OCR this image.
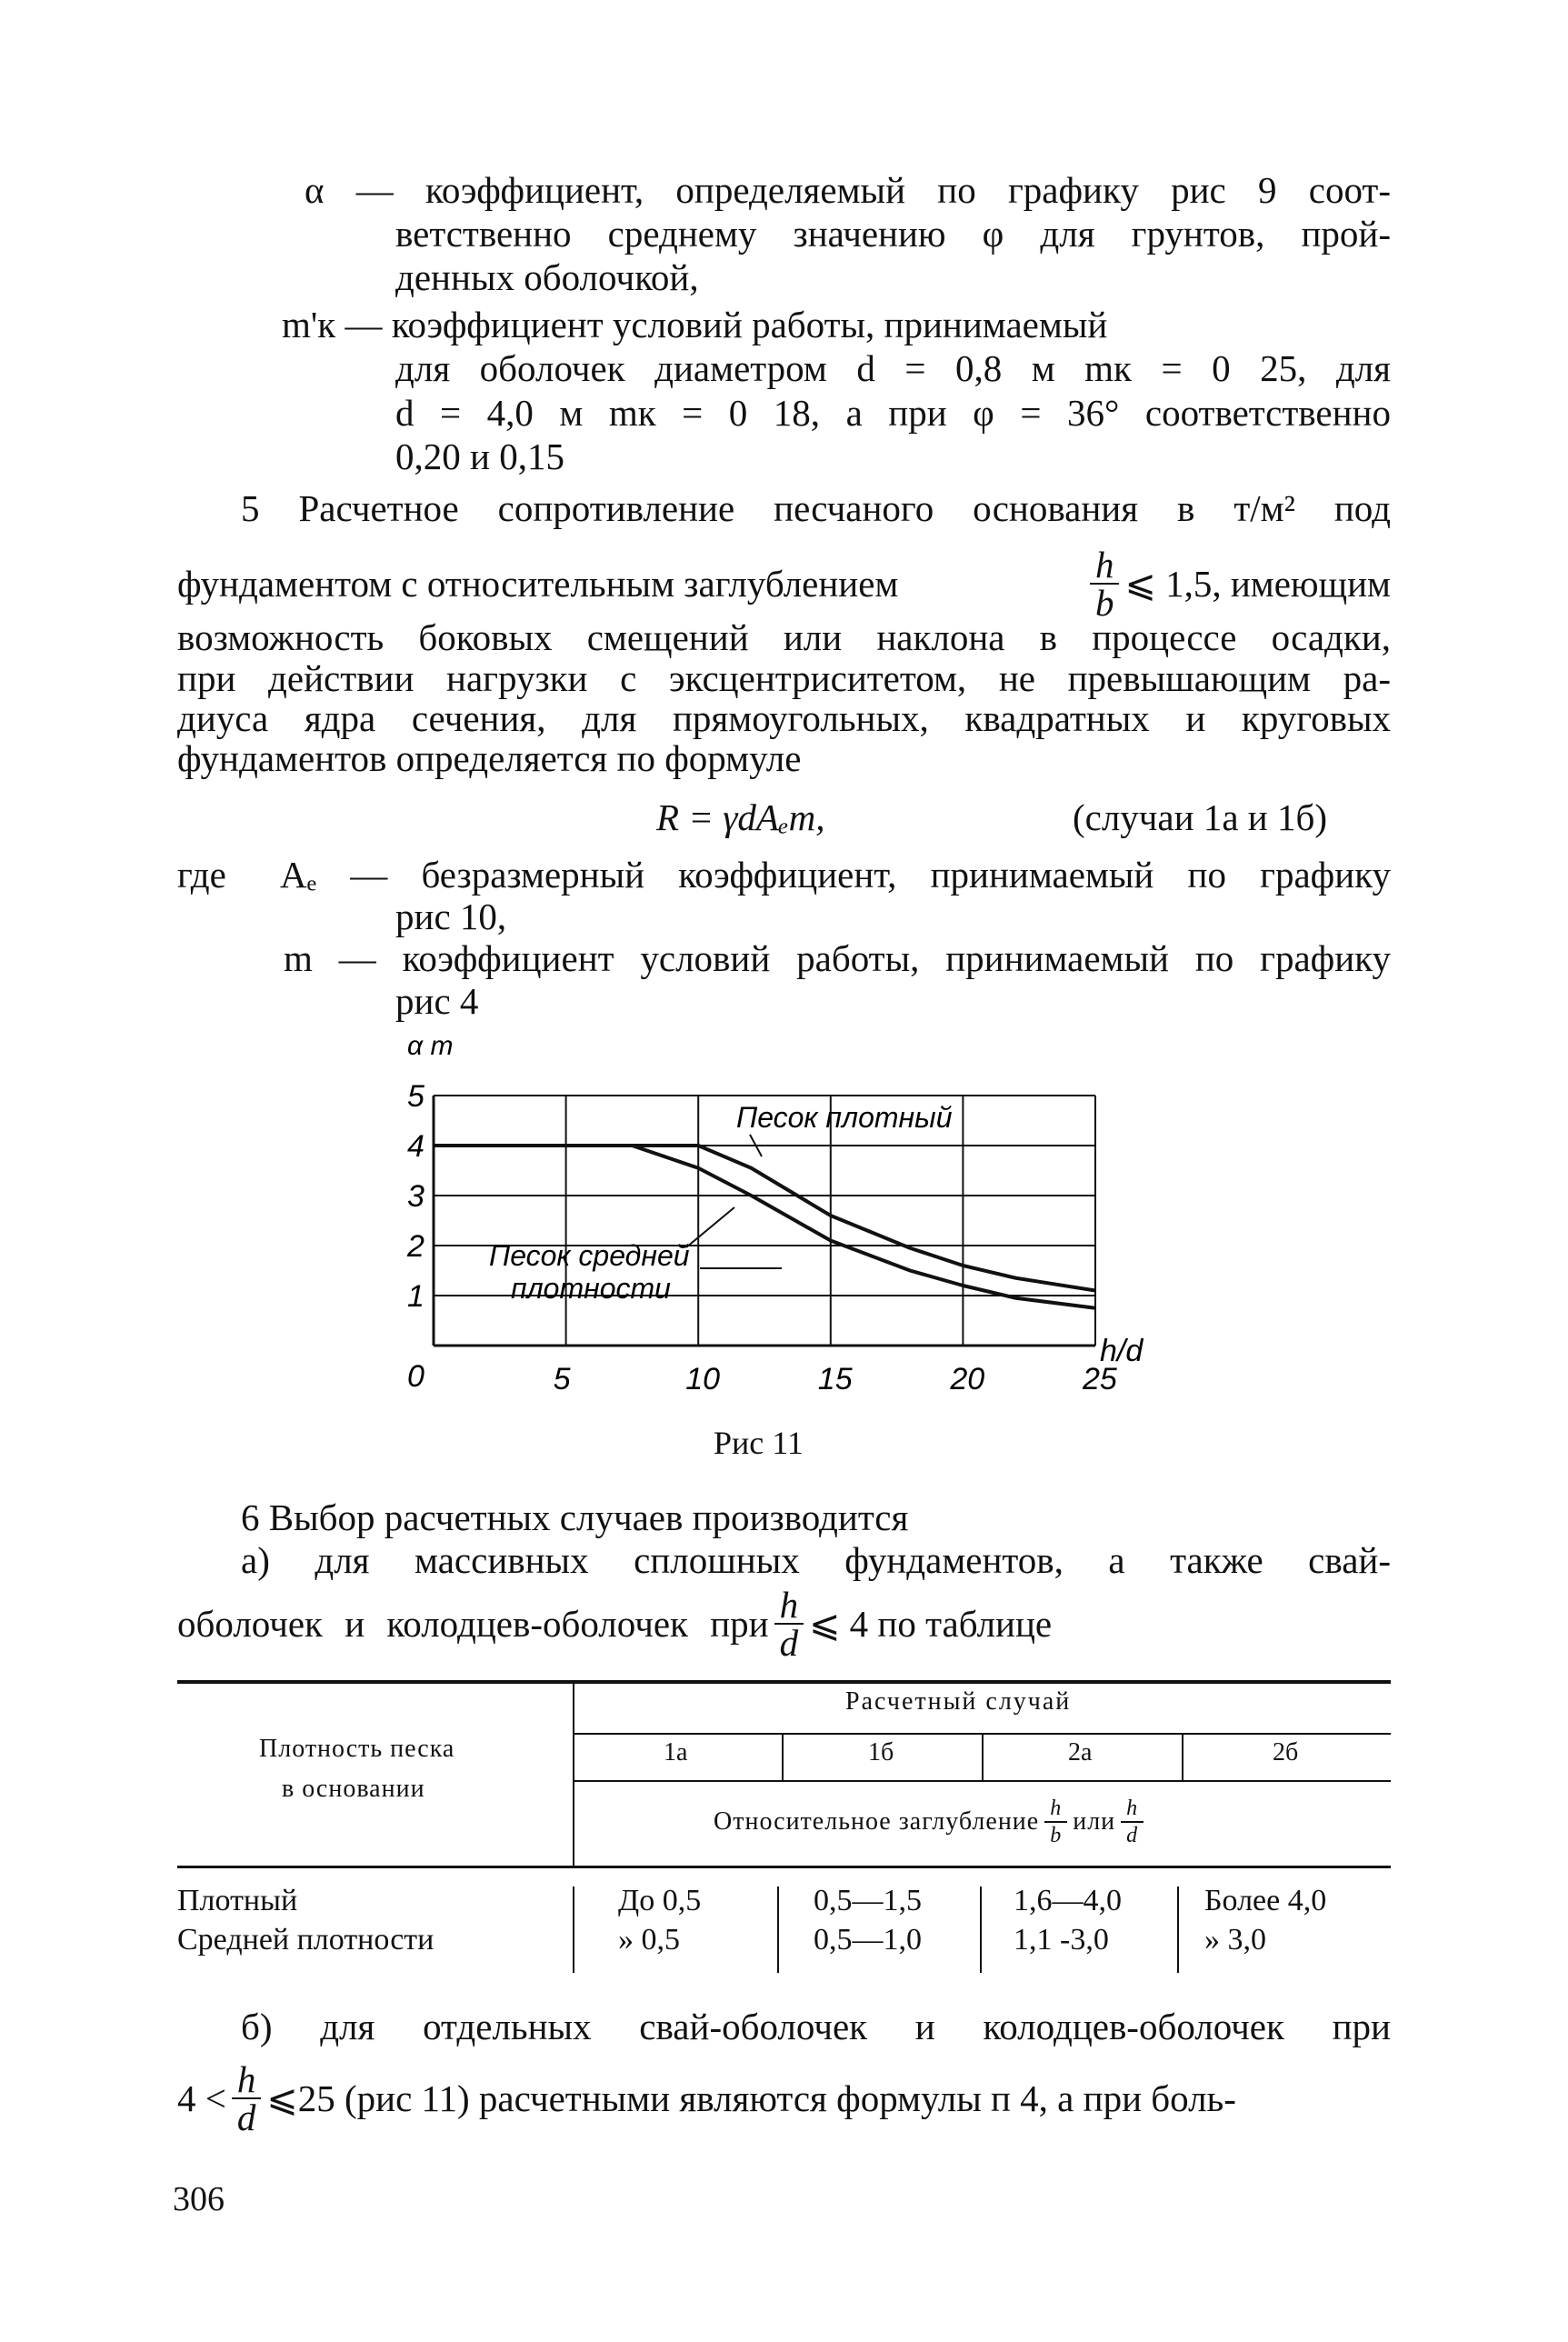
α — коэффициент, определяемый по графику рис 9 соот-
ветственно среднему значению φ для грунтов, прой-
денных оболочкой,
m'к — коэффициент условий работы, принимаемый
для оболочек диаметром d = 0,8 м mк = 0 25, для
d = 4,0 м mк = 0 18, а при φ = 36° соответственно
0,20 и 0,15
5 Расчетное сопротивление песчаного основания в т/м² под
фундаментом с относительным заглублением	$\frac{h}{b}$ ⩽ 1,5, имеющим
возможность боковых смещений или наклона в процессе осадки,
при действии нагрузки с эксцентриситетом, не превышающим ра-
диуса ядра сечения, для прямоугольных, квадратных и круговых
фундаментов определяется по формуле
R = γdAₑm,	(случаи 1а и 1б)
где Aₑ — безразмерный коэффициент, принимаемый по графику
рис 10,
m — коэффициент условий работы, принимаемый по графику
рис 4
0
1
2
3
4
5
5	10	15	20	25
α m
h/d
Песок плотный
Песок средней
плотности
Рис 11
6 Выбор расчетных случаев производится
а) для массивных сплошных фундаментов, а также свай-
оболочек и колодцев-оболочек при $\frac{h}{d}$ ⩽ 4 по таблице
Плотность песка
в основании
Расчетный случай
1а	1б	2а	2б
Относительное заглубление $\frac{h}{b}$ или $\frac{h}{d}$
Плотный	До 0,5	0,5—1,5	1,6—4,0	Более 4,0
Средней плотности	» 0,5	0,5—1,0	1,1 -3,0	» 3,0
б) для отдельных свай-оболочек и колодцев-оболочек при
$4 < \frac{h}{d}$ ⩽25 (рис 11) расчетными являются формулы п 4, а при боль-
306
